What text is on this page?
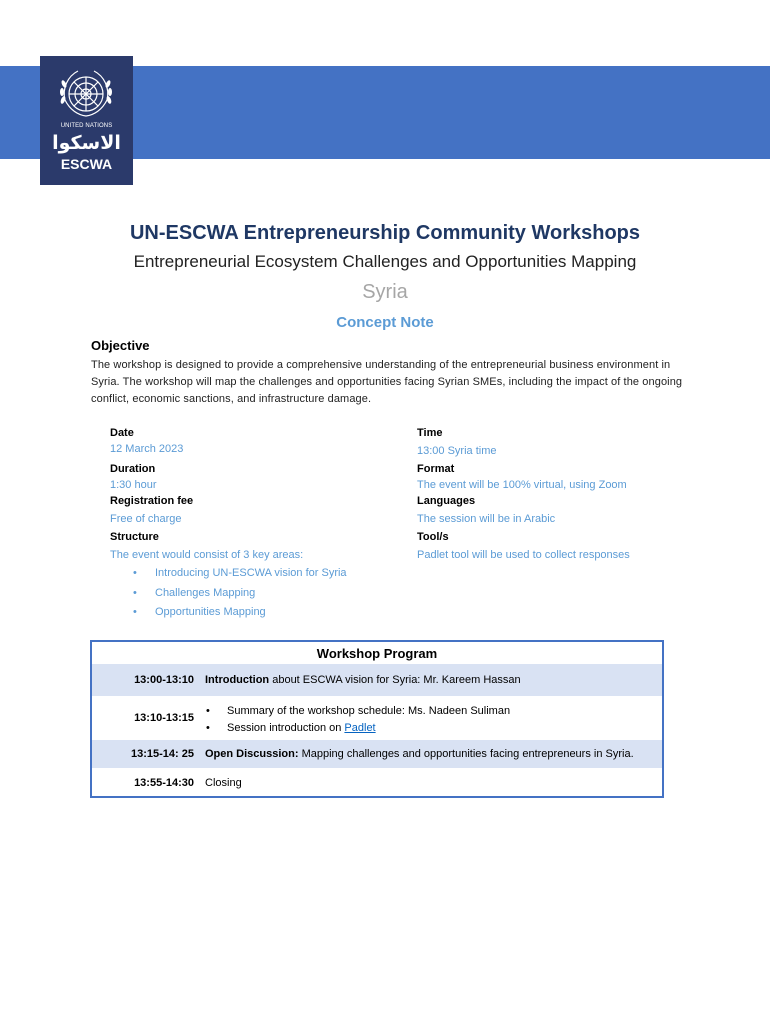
UNITED NATIONS
الاسكوا
ESCWA
UN-ESCWA Entrepreneurship Community Workshops
Entrepreneurial Ecosystem Challenges and Opportunities Mapping
Syria
Concept Note
Objective
The workshop is designed to provide a comprehensive understanding of the entrepreneurial business environment in Syria. The workshop will map the challenges and opportunities facing Syrian SMEs, including the impact of the ongoing conflict, economic sanctions, and infrastructure damage.
Date
12 March 2023
Duration
1:30 hour
Registration fee
Free of charge
Structure
The event would consist of 3 key areas:
Introducing UN-ESCWA vision for Syria
Challenges Mapping
Opportunities Mapping
Time
13:00 Syria time
Format
The event will be 100% virtual, using Zoom
Languages
The session will be in Arabic
Tool/s
Padlet tool will be used to collect responses
Workshop Program
13:00-13:10 Introduction about ESCWA vision for Syria: Mr. Kareem Hassan
13:10-13:15
• Summary of the workshop schedule: Ms. Nadeen Suliman
• Session introduction on Padlet
13:15-14: 25 Open Discussion: Mapping challenges and opportunities facing entrepreneurs in Syria.
13:55-14:30 Closing
